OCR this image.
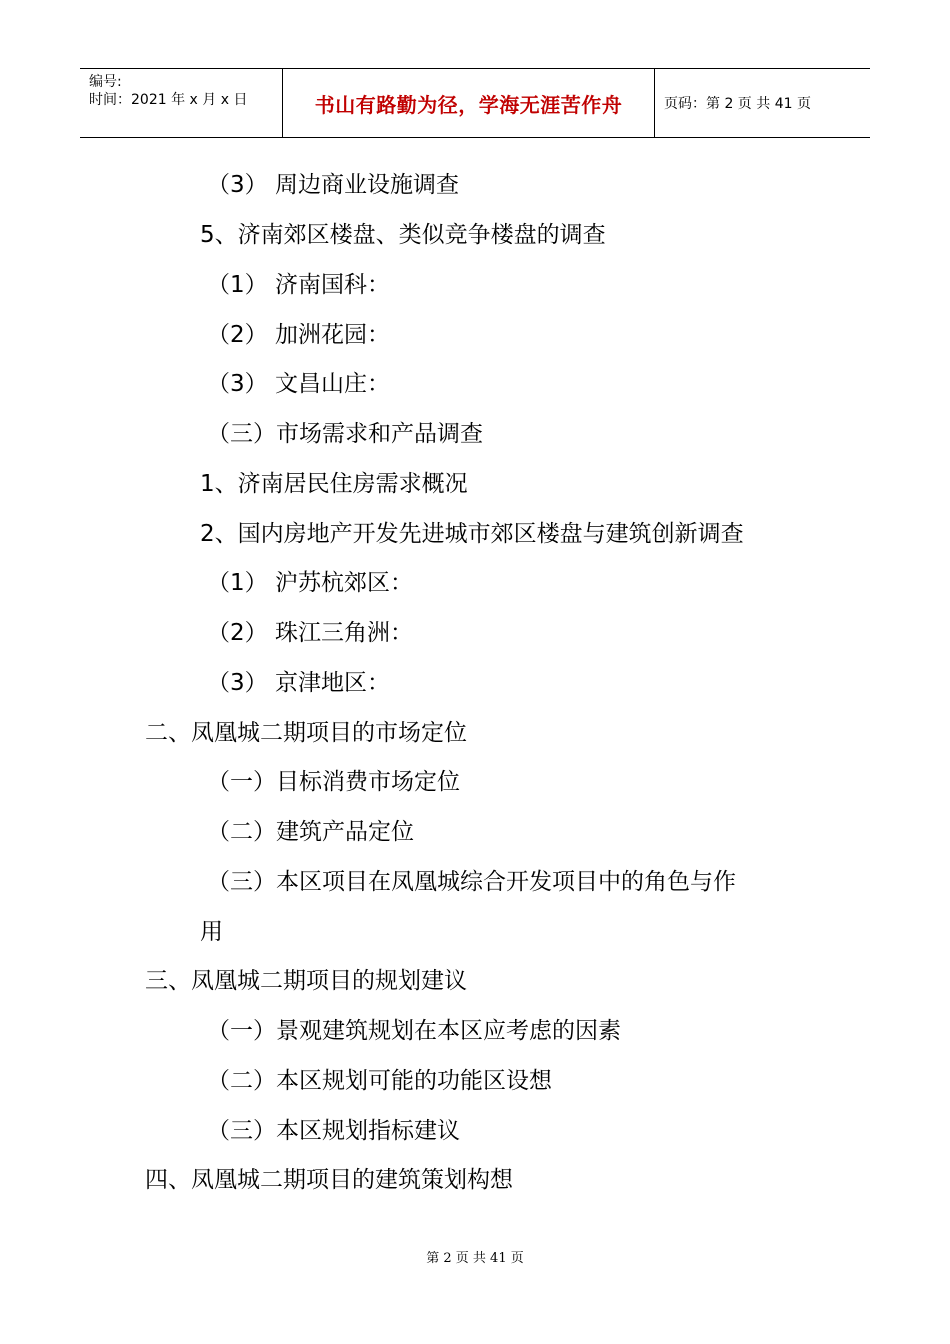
编号:
时间：2021 年 x 月 x 日	书山有路勤为径，学海无涯苦作舟	页码：第 2 页 共 41 页
（3） 周边商业设施调查
5、济南郊区楼盘、类似竞争楼盘的调查
（1） 济南国科：
（2） 加洲花园：
（3） 文昌山庄：
（三）市场需求和产品调查
1、济南居民住房需求概况
2、国内房地产开发先进城市郊区楼盘与建筑创新调查
（1） 沪苏杭郊区：
（2） 珠江三角洲：
（3） 京津地区：
二、凤凰城二期项目的市场定位
（一）目标消费市场定位
（二）建筑产品定位
（三）本区项目在凤凰城综合开发项目中的角色与作
用
三、凤凰城二期项目的规划建议
（一）景观建筑规划在本区应考虑的因素
（二）本区规划可能的功能区设想
（三）本区规划指标建议
四、凤凰城二期项目的建筑策划构想
第 2 页 共 41 页
